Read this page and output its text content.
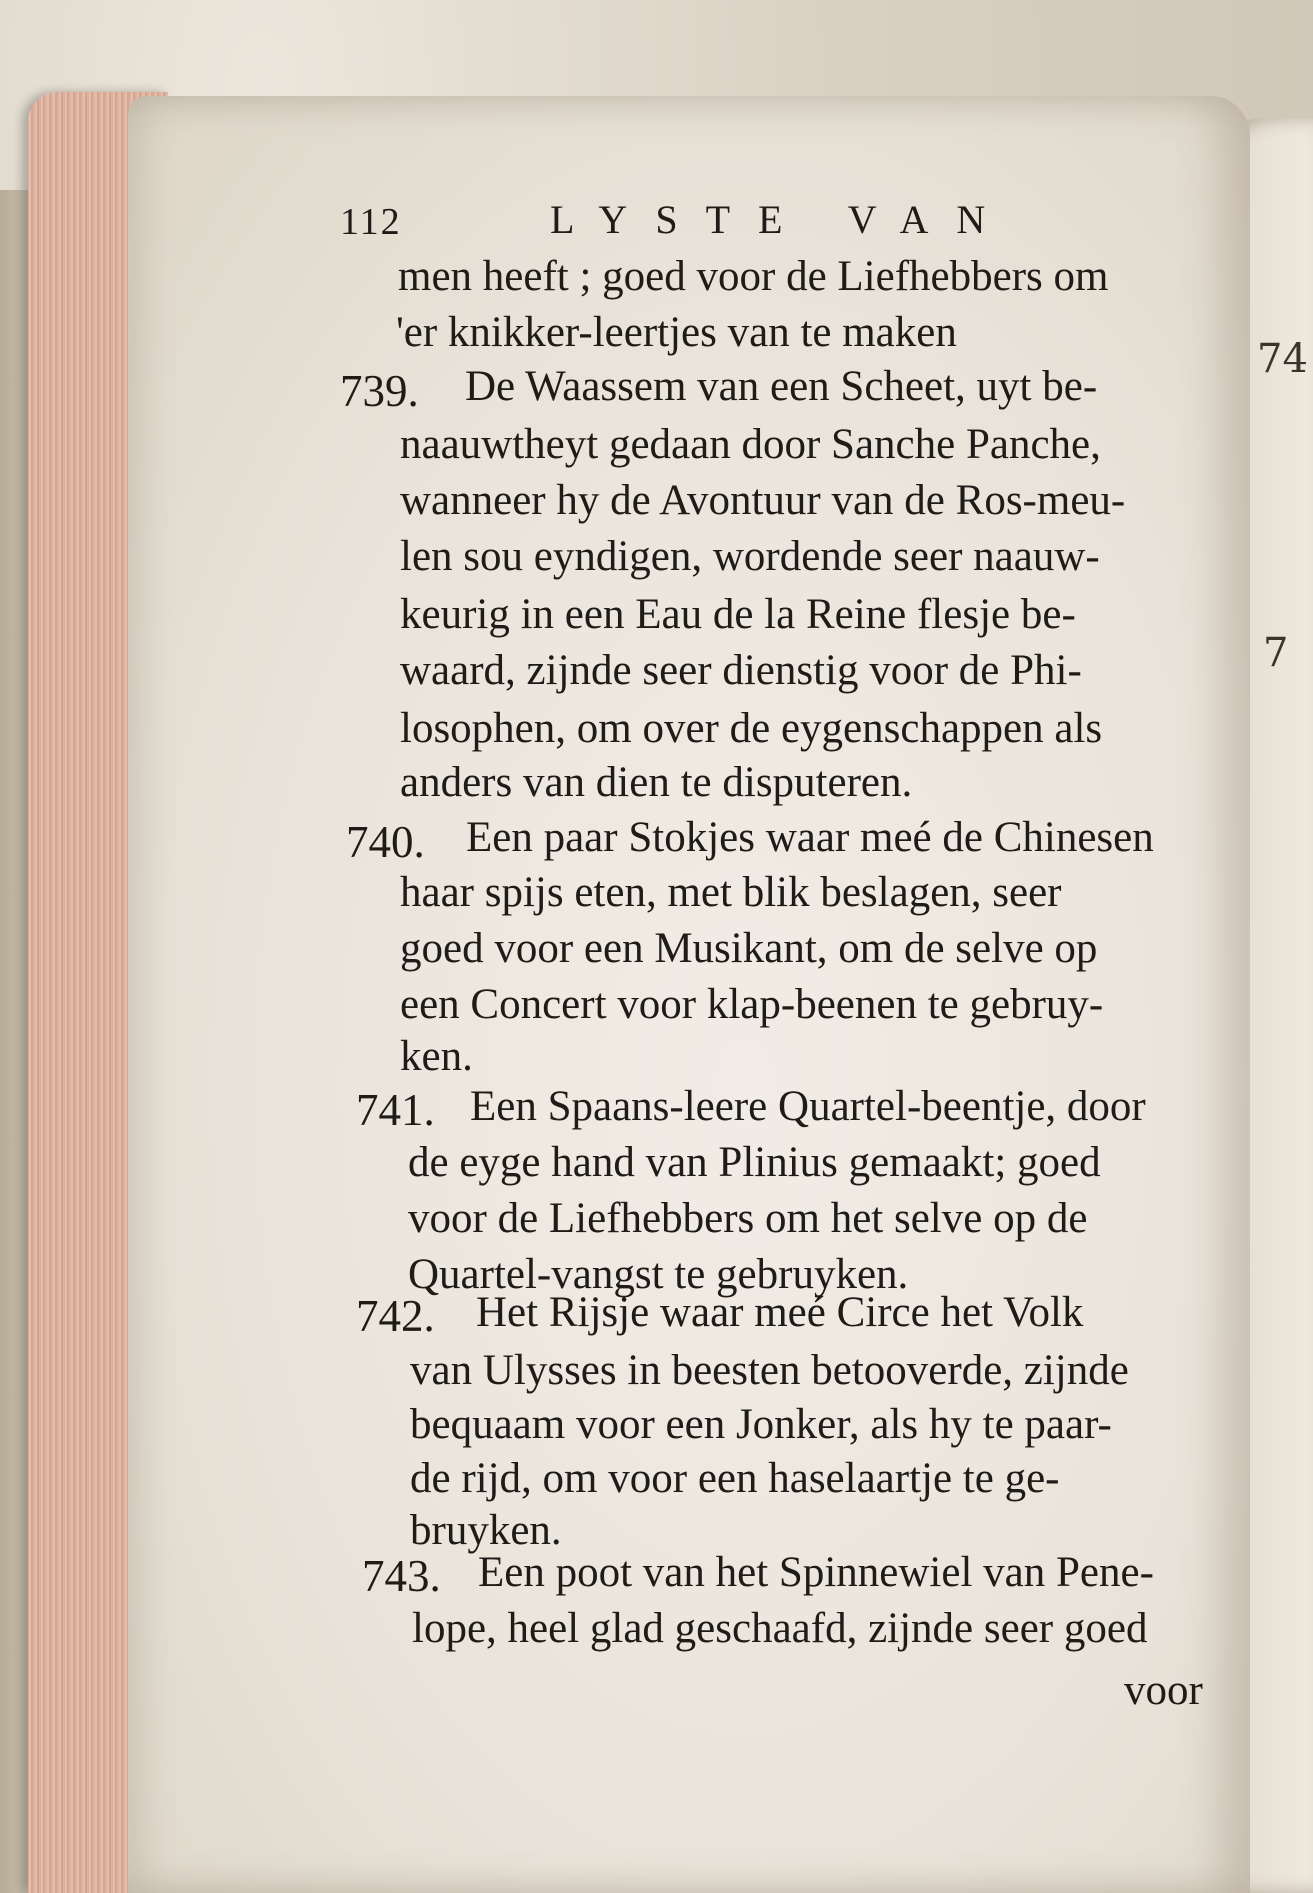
74
7
112	LYSTE VAN
men heeft ; goed voor de Liefhebbers om
'er knikker-leertjes van te maken
739. De Waassem van een Scheet, uyt be-
naauwtheyt gedaan door Sanche Panche,
wanneer hy de Avontuur van de Ros-meu-
len sou eyndigen, wordende seer naauw-
keurig in een Eau de la Reine flesje be-
waard, zijnde seer dienstig voor de Phi-
losophen, om over de eygenschappen als
anders van dien te disputeren.
740. Een paar Stokjes waar meé de Chinesen
haar spijs eten, met blik beslagen, seer
goed voor een Musikant, om de selve op
een Concert voor klap-beenen te gebruy-
ken.
741. Een Spaans-leere Quartel-beentje, door
de eyge hand van Plinius gemaakt; goed
voor de Liefhebbers om het selve op de
Quartel-vangst te gebruyken.
742. Het Rijsje waar meé Circe het Volk
van Ulysses in beesten betooverde, zijnde
bequaam voor een Jonker, als hy te paar-
de rijd, om voor een haselaartje te ge-
bruyken.
743. Een poot van het Spinnewiel van Pene-
lope, heel glad geschaafd, zijnde seer goed
voor
